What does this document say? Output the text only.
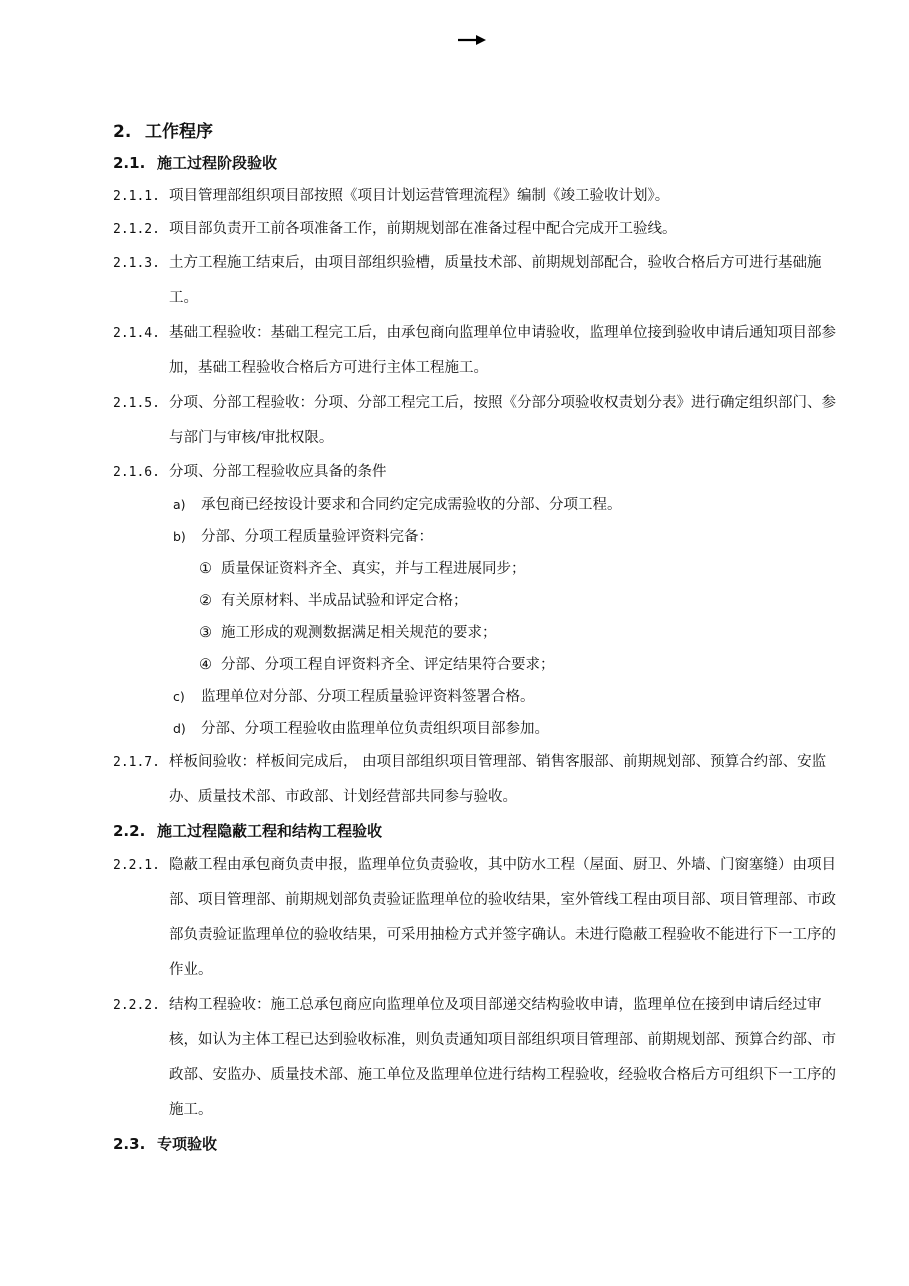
2. 工作程序
2.1. 施工过程阶段验收
2.1.1. 项目管理部组织项目部按照《项目计划运营管理流程》编制《竣工验收计划》。
2.1.2. 项目部负责开工前各项准备工作，前期规划部在准备过程中配合完成开工验线。
2.1.3. 土方工程施工结束后，由项目部组织验槽，质量技术部、前期规划部配合，验收合格后方可进行基础施工。
2.1.4. 基础工程验收：基础工程完工后，由承包商向监理单位申请验收，监理单位接到验收申请后通知项目部参加，基础工程验收合格后方可进行主体工程施工。
2.1.5. 分项、分部工程验收：分项、分部工程完工后，按照《分部分项验收权责划分表》进行确定组织部门、参与部门与审核/审批权限。
2.1.6. 分项、分部工程验收应具备的条件
a)	承包商已经按设计要求和合同约定完成需验收的分部、分项工程。
b)	分部、分项工程质量验评资料完备：
① 质量保证资料齐全、真实，并与工程进展同步；
② 有关原材料、半成品试验和评定合格；
③ 施工形成的观测数据满足相关规范的要求；
④ 分部、分项工程自评资料齐全、评定结果符合要求；
c)	监理单位对分部、分项工程质量验评资料签署合格。
d)	分部、分项工程验收由监理单位负责组织项目部参加。
2.1.7. 样板间验收：样板间完成后， 由项目部组织项目管理部、销售客服部、前期规划部、预算合约部、安监办、质量技术部、市政部、计划经营部共同参与验收。
2.2. 施工过程隐蔽工程和结构工程验收
2.2.1. 隐蔽工程由承包商负责申报，监理单位负责验收，其中防水工程（屋面、厨卫、外墙、门窗塞缝）由项目部、项目管理部、前期规划部负责验证监理单位的验收结果，室外管线工程由项目部、项目管理部、市政部负责验证监理单位的验收结果，可采用抽检方式并签字确认。未进行隐蔽工程验收不能进行下一工序的作业。
2.2.2. 结构工程验收：施工总承包商应向监理单位及项目部递交结构验收申请，监理单位在接到申请后经过审核，如认为主体工程已达到验收标准，则负责通知项目部组织项目管理部、前期规划部、预算合约部、市政部、安监办、质量技术部、施工单位及监理单位进行结构工程验收，经验收合格后方可组织下一工序的施工。
2.3. 专项验收
